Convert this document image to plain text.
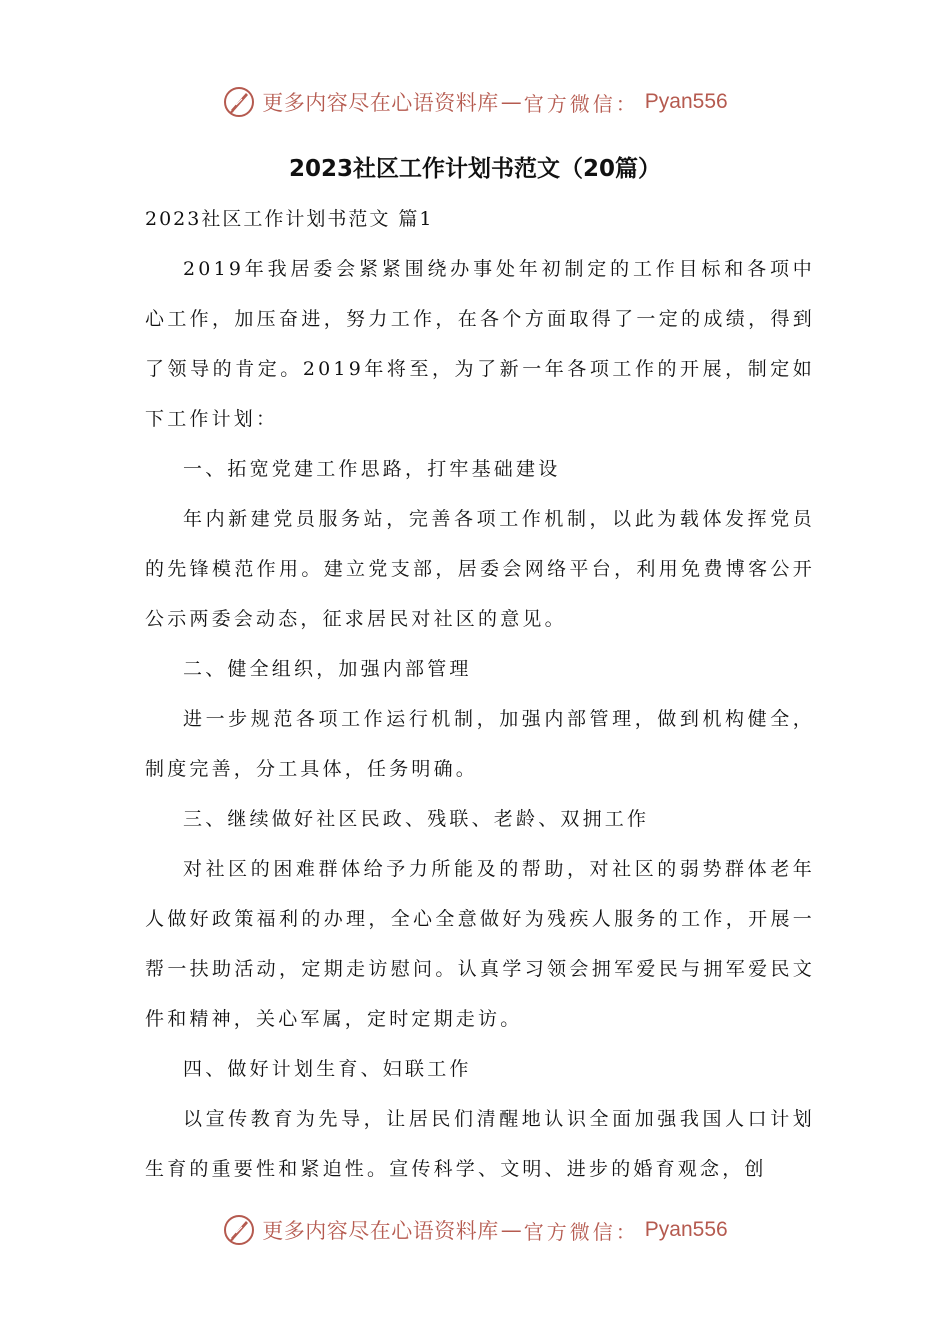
更多内容尽在心语资料库 — 官方微信： Pyan556
2023社区工作计划书范文（20篇）

2023社区工作计划书范文 篇1

2019年我居委会紧紧围绕办事处年初制定的工作目标和各项中心工作，加压奋进，努力工作，在各个方面取得了一定的成绩，得到了领导的肯定。2019年将至，为了新一年各项工作的开展，制定如下工作计划：

一、拓宽党建工作思路，打牢基础建设

年内新建党员服务站，完善各项工作机制，以此为载体发挥党员的先锋模范作用。建立党支部，居委会网络平台，利用免费博客公开公示两委会动态，征求居民对社区的意见。

二、健全组织，加强内部管理

进一步规范各项工作运行机制，加强内部管理，做到机构健全，制度完善，分工具体，任务明确。

三、继续做好社区民政、残联、老龄、双拥工作

对社区的困难群体给予力所能及的帮助，对社区的弱势群体老年人做好政策福利的办理，全心全意做好为残疾人服务的工作，开展一帮一扶助活动，定期走访慰问。认真学习领会拥军爱民与拥军爱民文件和精神，关心军属，定时定期走访。

四、做好计划生育、妇联工作

以宣传教育为先导，让居民们清醒地认识全面加强我国人口计划生育的重要性和紧迫性。宣传科学、文明、进步的婚育观念，创

更多内容尽在心语资料库 — 官方微信： Pyan556
